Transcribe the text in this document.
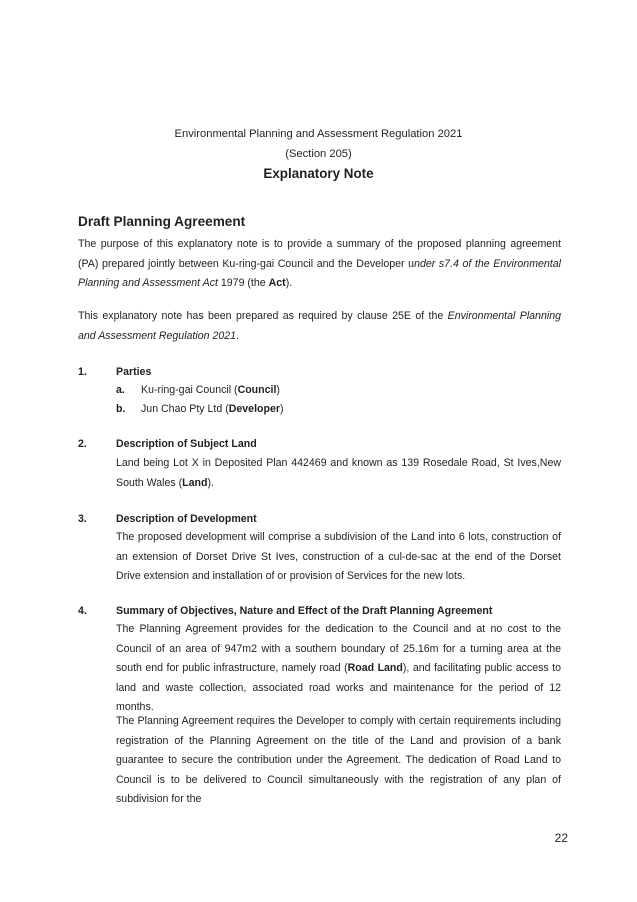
Environmental Planning and Assessment Regulation 2021
(Section 205)
Explanatory Note
Draft Planning Agreement
The purpose of this explanatory note is to provide a summary of the proposed planning agreement (PA) prepared jointly between Ku-ring-gai Council and the Developer under s7.4 of the Environmental Planning and Assessment Act 1979 (the Act).
This explanatory note has been prepared as required by clause 25E of the Environmental Planning and Assessment Regulation 2021.
1.	Parties
a. Ku-ring-gai Council (Council)
b. Jun Chao Pty Ltd (Developer)
2.	Description of Subject Land
Land being Lot X in Deposited Plan 442469 and known as 139 Rosedale Road, St Ives,New South Wales (Land).
3.	Description of Development
The proposed development will comprise a subdivision of the Land into 6 lots, construction of an extension of Dorset Drive St Ives, construction of a cul-de-sac at the end of the Dorset Drive extension and installation of or provision of Services for the new lots.
4.	Summary of Objectives, Nature and Effect of the Draft Planning Agreement
The Planning Agreement provides for the dedication to the Council and at no cost to the Council of an area of 947m2 with a southern boundary of 25.16m for a turning area at the south end for public infrastructure, namely road (Road Land), and facilitating public access to land and waste collection, associated road works and maintenance for the period of 12 months.
The Planning Agreement requires the Developer to comply with certain requirements including registration of the Planning Agreement on the title of the Land and provision of a bank guarantee to secure the contribution under the Agreement. The dedication of Road Land to Council is to be delivered to Council simultaneously with the registration of any plan of subdivision for the
22
